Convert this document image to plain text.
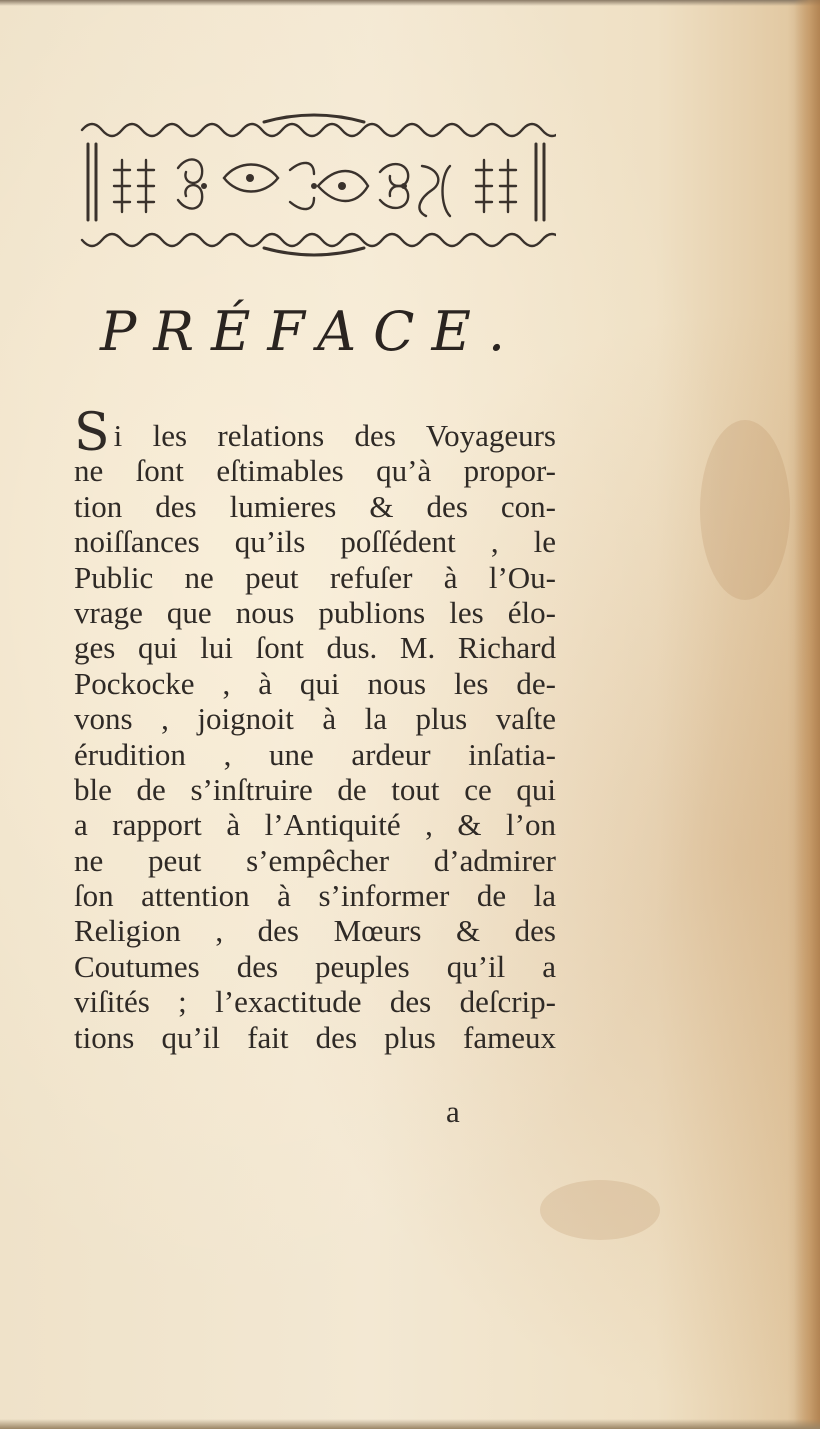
PRÉFACE.
Si les relations des Voyageurs
ne ſont eſtimables qu’à propor-
tion des lumieres & des con-
noiſſances qu’ils poſſédent , le
Public ne peut refuſer à l’Ou-
vrage que nous publions les élo-
ges qui lui ſont dus. M. Richard
Pockocke , à qui nous les de-
vons , joignoit à la plus vaſte
érudition , une ardeur inſatia-
ble de s’inſtruire de tout ce qui
a rapport à l’Antiquité , & l’on
ne peut s’empêcher d’admirer
ſon attention à s’informer de la
Religion , des Mœurs & des
Coutumes des peuples qu’il a
viſités ; l’exactitude des deſcrip-
tions qu’il fait des plus fameux
a
